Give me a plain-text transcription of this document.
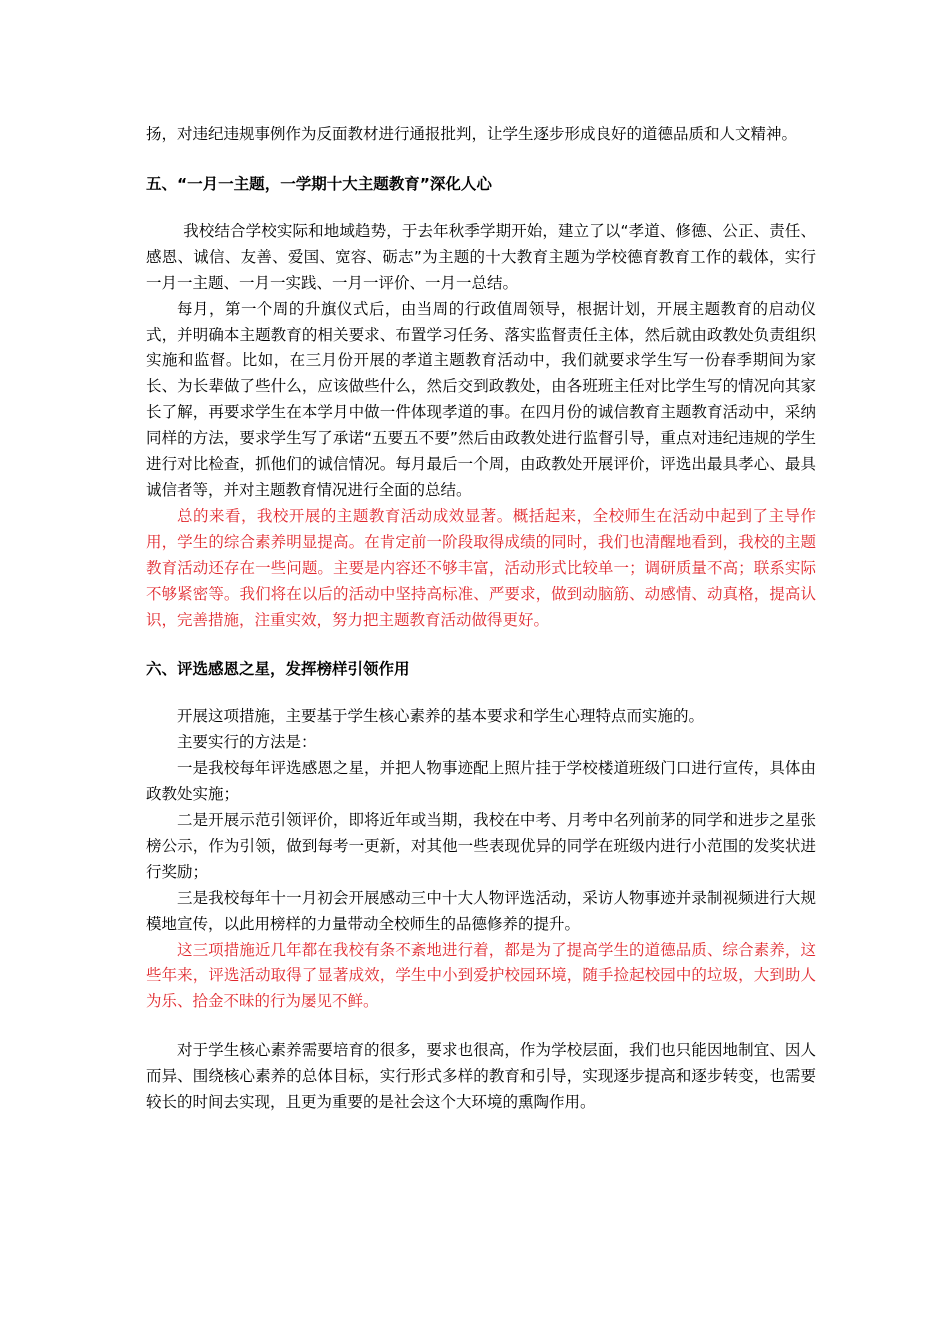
扬，对违纪违规事例作为反面教材进行通报批判，让学生逐步形成良好的道德品质和人文精神。

五、“一月一主题，一学期十大主题教育”深化人心

我校结合学校实际和地域趋势，于去年秋季学期开始，建立了以“孝道、修德、公正、责任、感恩、诚信、友善、爱国、宽容、砺志”为主题的十大教育主题为学校德育教育工作的载体，实行一月一主题、一月一实践、一月一评价、一月一总结。

每月，第一个周的升旗仪式后，由当周的行政值周领导，根据计划，开展主题教育的启动仪式，并明确本主题教育的相关要求、布置学习任务、落实监督责任主体，然后就由政教处负责组织实施和监督。比如，在三月份开展的孝道主题教育活动中，我们就要求学生写一份春季期间为家长、为长辈做了些什么，应该做些什么，然后交到政教处，由各班班主任对比学生写的情况向其家长了解，再要求学生在本学月中做一件体现孝道的事。在四月份的诚信教育主题教育活动中，采纳同样的方法，要求学生写了承诺“五要五不要”然后由政教处进行监督引导，重点对违纪违规的学生进行对比检查，抓他们的诚信情况。每月最后一个周，由政教处开展评价，评选出最具孝心、最具诚信者等，并对主题教育情况进行全面的总结。

总的来看，我校开展的主题教育活动成效显著。概括起来，全校师生在活动中起到了主导作用，学生的综合素养明显提高。在肯定前一阶段取得成绩的同时，我们也清醒地看到，我校的主题教育活动还存在一些问题。主要是内容还不够丰富，活动形式比较单一；调研质量不高；联系实际不够紧密等。我们将在以后的活动中坚持高标准、严要求，做到动脑筋、动感情、动真格，提高认识，完善措施，注重实效，努力把主题教育活动做得更好。

六、评选感恩之星，发挥榜样引领作用

开展这项措施，主要基于学生核心素养的基本要求和学生心理特点而实施的。

主要实行的方法是：

一是我校每年评选感恩之星，并把人物事迹配上照片挂于学校楼道班级门口进行宣传，具体由政教处实施；

二是开展示范引领评价，即将近年或当期，我校在中考、月考中名列前茅的同学和进步之星张榜公示，作为引领，做到每考一更新，对其他一些表现优异的同学在班级内进行小范围的发奖状进行奖励；

三是我校每年十一月初会开展感动三中十大人物评选活动，采访人物事迹并录制视频进行大规模地宣传，以此用榜样的力量带动全校师生的品德修养的提升。

这三项措施近几年都在我校有条不紊地进行着，都是为了提高学生的道德品质、综合素养，这些年来，评选活动取得了显著成效，学生中小到爱护校园环境，随手捡起校园中的垃圾，大到助人为乐、拾金不昧的行为屡见不鲜。

对于学生核心素养需要培育的很多，要求也很高，作为学校层面，我们也只能因地制宜、因人而异、围绕核心素养的总体目标，实行形式多样的教育和引导，实现逐步提高和逐步转变，也需要较长的时间去实现，且更为重要的是社会这个大环境的熏陶作用。
